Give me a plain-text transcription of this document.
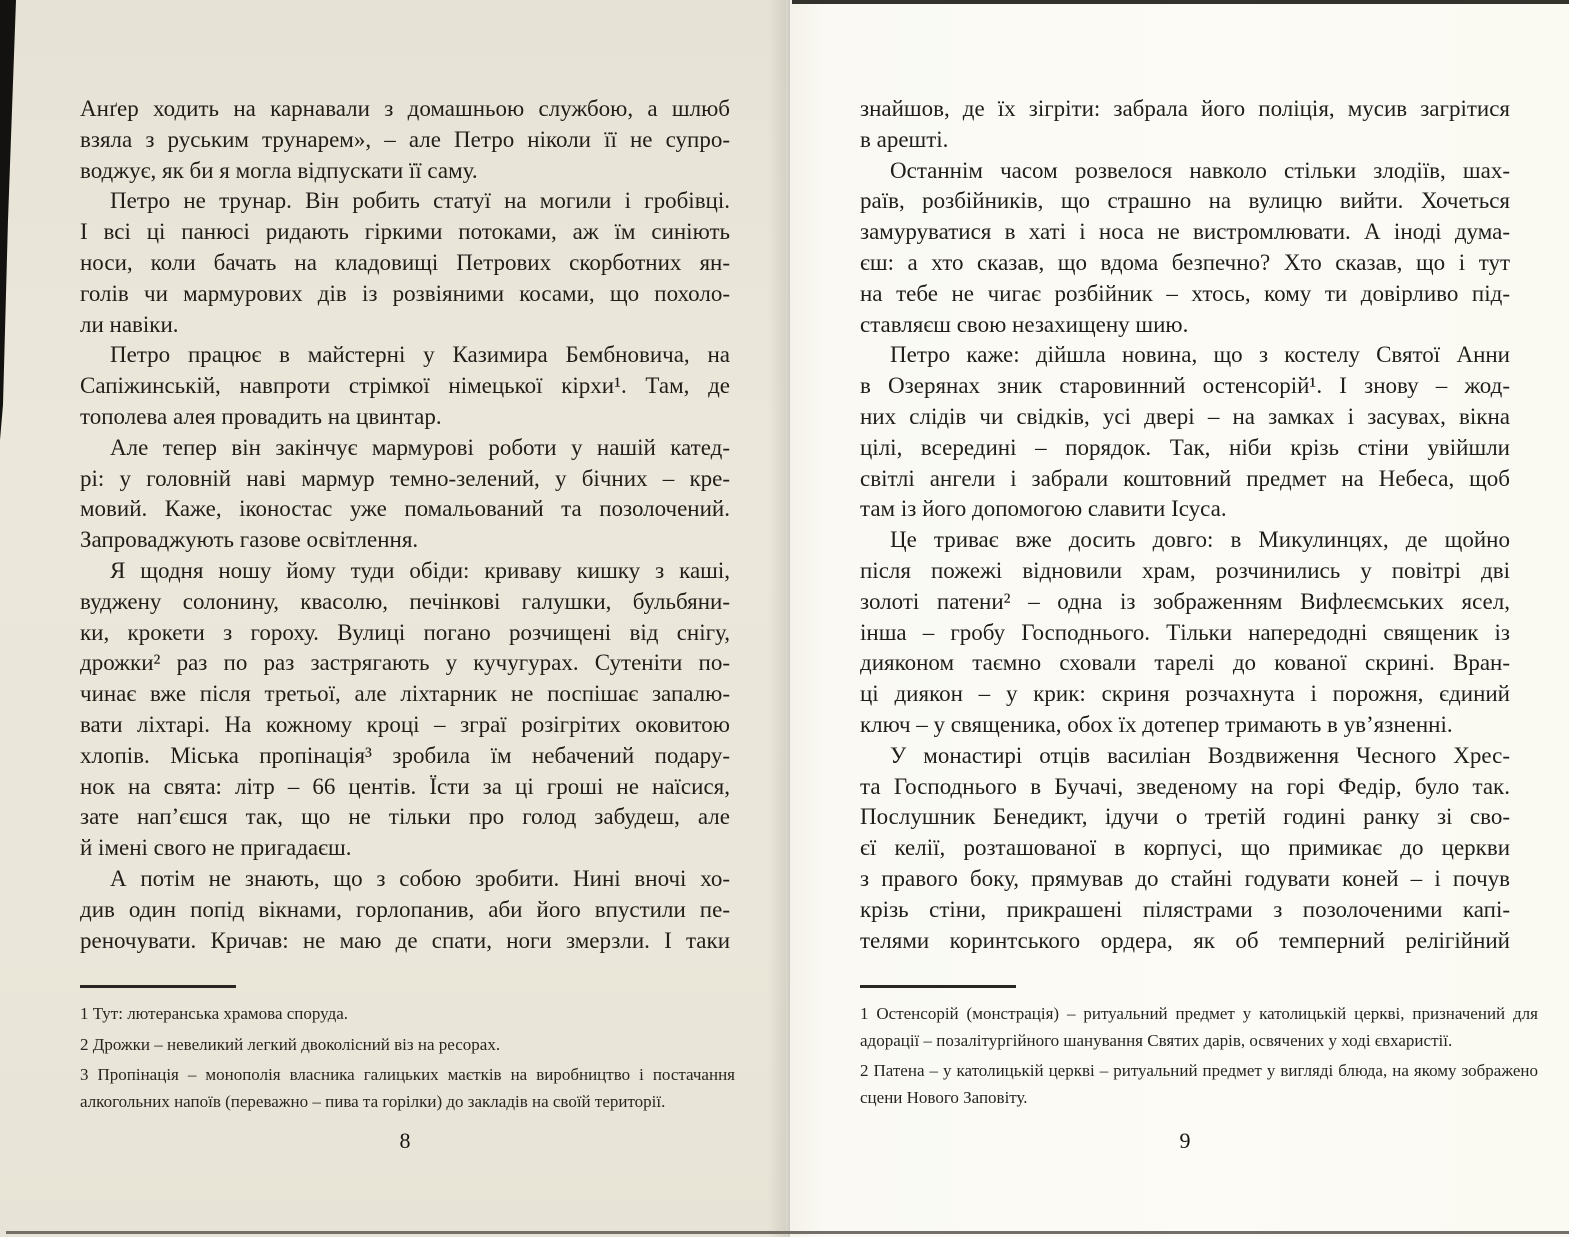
Анґер ходить на карнавали з домашньою службою, а шлюб
взяла з руським трунарем», – але Петро ніколи її не супро-
воджує, як би я могла відпускати її саму.
Петро не трунар. Він робить статуї на могили і гробівці.
І всі ці панюсі ридають гіркими потоками, аж їм синіють
носи, коли бачать на кладовищі Петрових скорботних ян-
голів чи мармурових дів із розвіяними косами, що похоло-
ли навіки.
Петро працює в майстерні у Казимира Бембновича, на
Сапіжинській, навпроти стрімкої німецької кірхи¹. Там, де
тополева алея провадить на цвинтар.
Але тепер він закінчує мармурові роботи у нашій катед-
рі: у головній наві мармур темно-зелений, у бічних – кре-
мовий. Каже, іконостас уже помальований та позолочений.
Запроваджують газове освітлення.
Я щодня ношу йому туди обіди: криваву кишку з каші,
вуджену солонину, квасолю, печінкові галушки, бульбяни-
ки, крокети з гороху. Вулиці погано розчищені від снігу,
дрожки² раз по раз застрягають у кучугурах. Сутеніти по-
чинає вже після третьої, але ліхтарник не поспішає запалю-
вати ліхтарі. На кожному кроці – зграї розігрітих оковитою
хлопів. Міська пропінація³ зробила їм небачений подару-
нок на свята: літр – 66 центів. Їсти за ці гроші не наїсися,
зате нап’єшся так, що не тільки про голод забудеш, але
й імені свого не пригадаєш.
А потім не знають, що з собою зробити. Нині вночі хо-
див один попід вікнами, горлопанив, аби його впустили пе-
реночувати. Кричав: не маю де спати, ноги змерзли. І таки
1 Тут: лютеранська храмова споруда.
2 Дрожки – невеликий легкий двоколісний віз на ресорах.
3 Пропінація – монополія власника галицьких маєтків на виробництво і постачання алкогольних напоїв (переважно – пива та горілки) до закладів на своїй території.
8
знайшов, де їх зігріти: забрала його поліція, мусив загрітися
в арешті.
Останнім часом розвелося навколо стільки злодіїв, шах-
раїв, розбійників, що страшно на вулицю вийти. Хочеться
замуруватися в хаті і носа не вистромлювати. А іноді дума-
єш: а хто сказав, що вдома безпечно? Хто сказав, що і тут
на тебе не чигає розбійник – хтось, кому ти довірливо під-
ставляєш свою незахищену шию.
Петро каже: дійшла новина, що з костелу Святої Анни
в Озерянах зник старовинний остенсорій¹. І знову – жод-
них слідів чи свідків, усі двері – на замках і засувах, вікна
цілі, всередині – порядок. Так, ніби крізь стіни увійшли
світлі ангели і забрали коштовний предмет на Небеса, щоб
там із його допомогою славити Ісуса.
Це триває вже досить довго: в Микулинцях, де щойно
після пожежі відновили храм, розчинились у повітрі дві
золоті патени² – одна із зображенням Вифлеємських ясел,
інша – гробу Господнього. Тільки напередодні священик із
дияконом таємно сховали тарелі до кованої скрині. Вран-
ці диякон – у крик: скриня розчахнута і порожня, єдиний
ключ – у священика, обох їх дотепер тримають в ув’язненні.
У монастирі отців василіан Воздвиження Чесного Хрес-
та Господнього в Бучачі, зведеному на горі Федір, було так.
Послушник Бенедикт, ідучи о третій годині ранку зі сво-
єї келії, розташованої в корпусі, що примикає до церкви
з правого боку, прямував до стайні годувати коней – і почув
крізь стіни, прикрашені пілястрами з позолоченими капі-
телями коринтського ордера, як об темперний релігійний
1 Остенсорій (монстрація) – ритуальний предмет у католицькій церкві, призначений для адорації – позалітургійного шанування Святих дарів, освячених у ході євхаристії.
2 Патена – у католицькій церкві – ритуальний предмет у вигляді блюда, на якому зображено сцени Нового Заповіту.
9
